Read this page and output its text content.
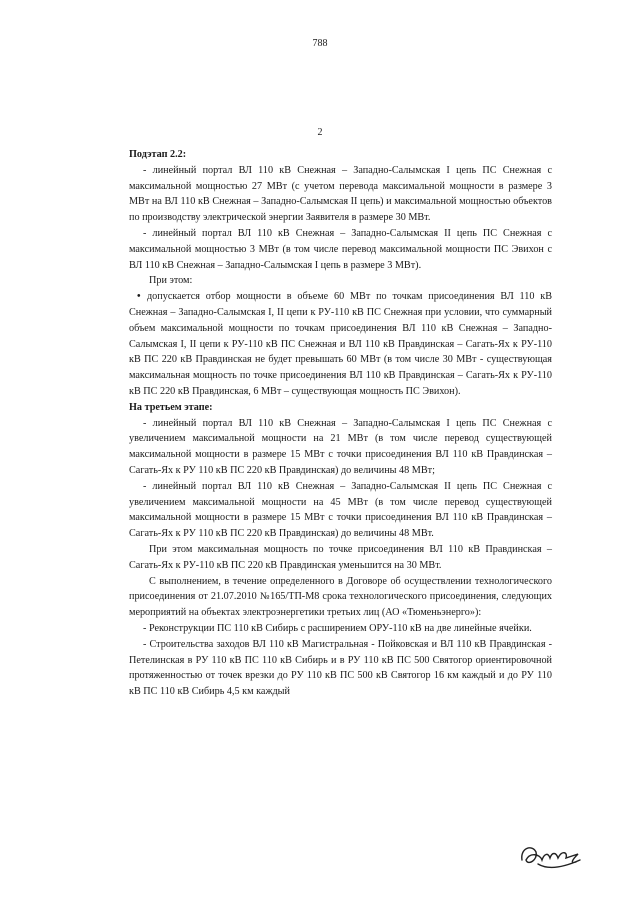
788
2

Подэтап 2.2:

- линейный портал ВЛ 110 кВ Снежная – Западно-Салымская I цепь ПС Снежная с максимальной мощностью 27 МВт (с учетом перевода максимальной мощности в размере 3 МВт на ВЛ 110 кВ Снежная – Западно-Салымская II цепь) и максимальной мощностью объектов по производству электрической энергии Заявителя в размере 30 МВт.

- линейный портал ВЛ 110 кВ Снежная – Западно-Салымская II цепь ПС Снежная с максимальной мощностью 3 МВт (в том числе перевод максимальной мощности ПС Эвихон с ВЛ 110 кВ Снежная – Западно-Салымская I цепь в размере 3 МВт).

При этом:

• допускается отбор мощности в объеме 60 МВт по точкам присоединения ВЛ 110 кВ Снежная – Западно-Салымская I, II цепи к РУ-110 кВ ПС Снежная при условии, что суммарный объем максимальной мощности по точкам присоединения ВЛ 110 кВ Снежная – Западно-Салымская I, II цепи к РУ-110 кВ ПС Снежная и ВЛ 110 кВ Правдинская – Сагать-Ях к РУ-110 кВ ПС 220 кВ Правдинская не будет превышать 60 МВт (в том числе 30 МВт - существующая максимальная мощность по точке присоединения ВЛ 110 кВ Правдинская – Сагать-Ях к РУ-110 кВ ПС 220 кВ Правдинская, 6 МВт – существующая мощность ПС Эвихон).

На третьем этапе:

- линейный портал ВЛ 110 кВ Снежная – Западно-Салымская I цепь ПС Снежная с увеличением максимальной мощности на 21 МВт (в том числе перевод существующей максимальной мощности в размере 15 МВт с точки присоединения ВЛ 110 кВ Правдинская – Сагать-Ях к РУ 110 кВ ПС 220 кВ Правдинская) до величины 48 МВт;

- линейный портал ВЛ 110 кВ Снежная – Западно-Салымская II цепь ПС Снежная с увеличением максимальной мощности на 45 МВт (в том числе перевод существующей максимальной мощности в размере 15 МВт с точки присоединения ВЛ 110 кВ Правдинская – Сагать-Ях к РУ 110 кВ ПС 220 кВ Правдинская) до величины 48 МВт.

При этом максимальная мощность по точке присоединения ВЛ 110 кВ Правдинская – Сагать-Ях к РУ-110 кВ ПС 220 кВ Правдинская уменьшится на 30 МВт.

С выполнением, в течение определенного в Договоре об осуществлении технологического присоединения от 21.07.2010 №165/ТП-М8 срока технологического присоединения, следующих мероприятий на объектах электроэнергетики третьих лиц (АО «Тюменьэнерго»):

- Реконструкции ПС 110 кВ Сибирь с расширением ОРУ-110 кВ на две линейные ячейки.

- Строительства заходов ВЛ 110 кВ Магистральная - Пойковская и ВЛ 110 кВ Правдинская - Петелинская в РУ 110 кВ ПС 110 кВ Сибирь и в РУ 110 кВ ПС 500 Святогор ориентировочной протяженностью от точек врезки до РУ 110 кВ ПС 500 кВ Святогор 16 км каждый и до РУ 110 кВ ПС 110 кВ Сибирь 4,5 км каждый
